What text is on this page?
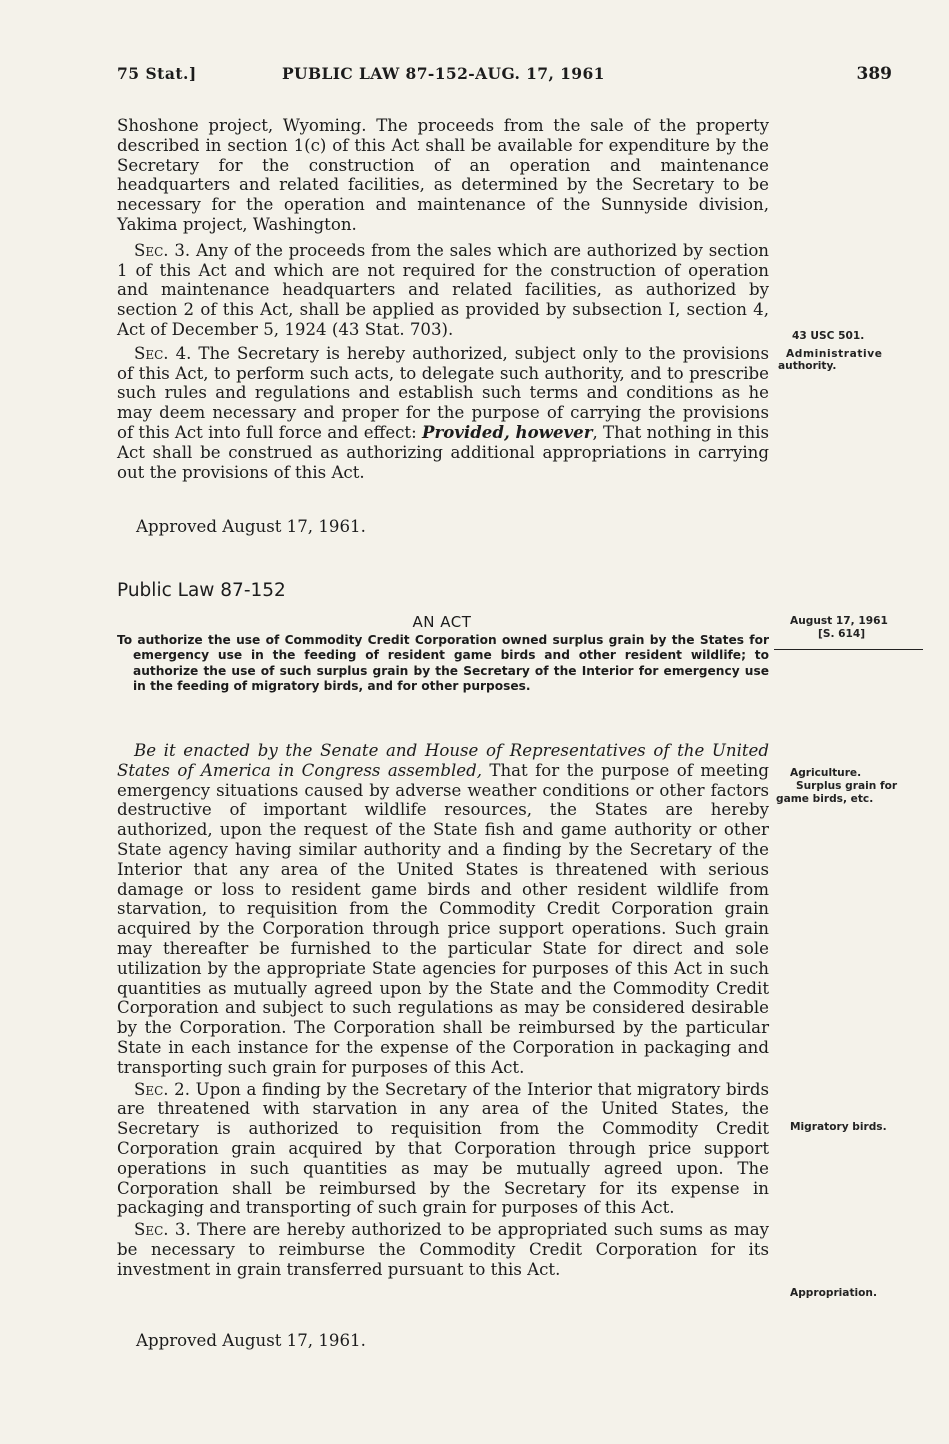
75 Stat.]	PUBLIC LAW 87-152-AUG. 17, 1961	389

Shoshone project, Wyoming. The proceeds from the sale of the property described in section 1(c) of this Act shall be available for expenditure by the Secretary for the construction of an operation and maintenance headquarters and related facilities, as determined by the Secretary to be necessary for the operation and maintenance of the Sunnyside division, Yakima project, Washington.

Sec. 3. Any of the proceeds from the sales which are authorized by section 1 of this Act and which are not required for the construction of operation and maintenance headquarters and related facilities, as authorized by section 2 of this Act, shall be applied as provided by subsection I, section 4, Act of December 5, 1924 (43 Stat. 703).

Sec. 4. The Secretary is hereby authorized, subject only to the provisions of this Act, to perform such acts, to delegate such authority, and to prescribe such rules and regulations and establish such terms and conditions as he may deem necessary and proper for the purpose of carrying the provisions of this Act into full force and effect: Provided, however, That nothing in this Act shall be construed as authorizing additional appropriations in carrying out the provisions of this Act.

Approved August 17, 1961.
43 USC 501.
Administrative
authority.
Public Law 87-152
AN ACT	August 17, 1961
[S. 614]

To authorize the use of Commodity Credit Corporation owned surplus grain by the States for emergency use in the feeding of resident game birds and other resident wildlife; to authorize the use of such surplus grain by the Secretary of the Interior for emergency use in the feeding of migratory birds, and for other purposes.

Be it enacted by the Senate and House of Representatives of the United States of America in Congress assembled, That for the purpose of meeting emergency situations caused by adverse weather conditions or other factors destructive of important wildlife resources, the States are hereby authorized, upon the request of the State fish and game authority or other State agency having similar authority and a finding by the Secretary of the Interior that any area of the United States is threatened with serious damage or loss to resident game birds and other resident wildlife from starvation, to requisition from the Commodity Credit Corporation grain acquired by the Corporation through price support operations. Such grain may thereafter be furnished to the particular State for direct and sole utilization by the appropriate State agencies for purposes of this Act in such quantities as mutually agreed upon by the State and the Commodity Credit Corporation and subject to such regulations as may be considered desirable by the Corporation. The Corporation shall be reimbursed by the particular State in each instance for the expense of the Corporation in packaging and transporting such grain for purposes of this Act.

Sec. 2. Upon a finding by the Secretary of the Interior that migratory birds are threatened with starvation in any area of the United States, the Secretary is authorized to requisition from the Commodity Credit Corporation grain acquired by that Corporation through price support operations in such quantities as may be mutually agreed upon. The Corporation shall be reimbursed by the Secretary for its expense in packaging and transporting of such grain for purposes of this Act.

Sec. 3. There are hereby authorized to be appropriated such sums as may be necessary to reimburse the Commodity Credit Corporation for its investment in grain transferred pursuant to this Act.

Approved August 17, 1961.
Agriculture.
Surplus grain for
game birds, etc.
Migratory birds.
Appropriation.
